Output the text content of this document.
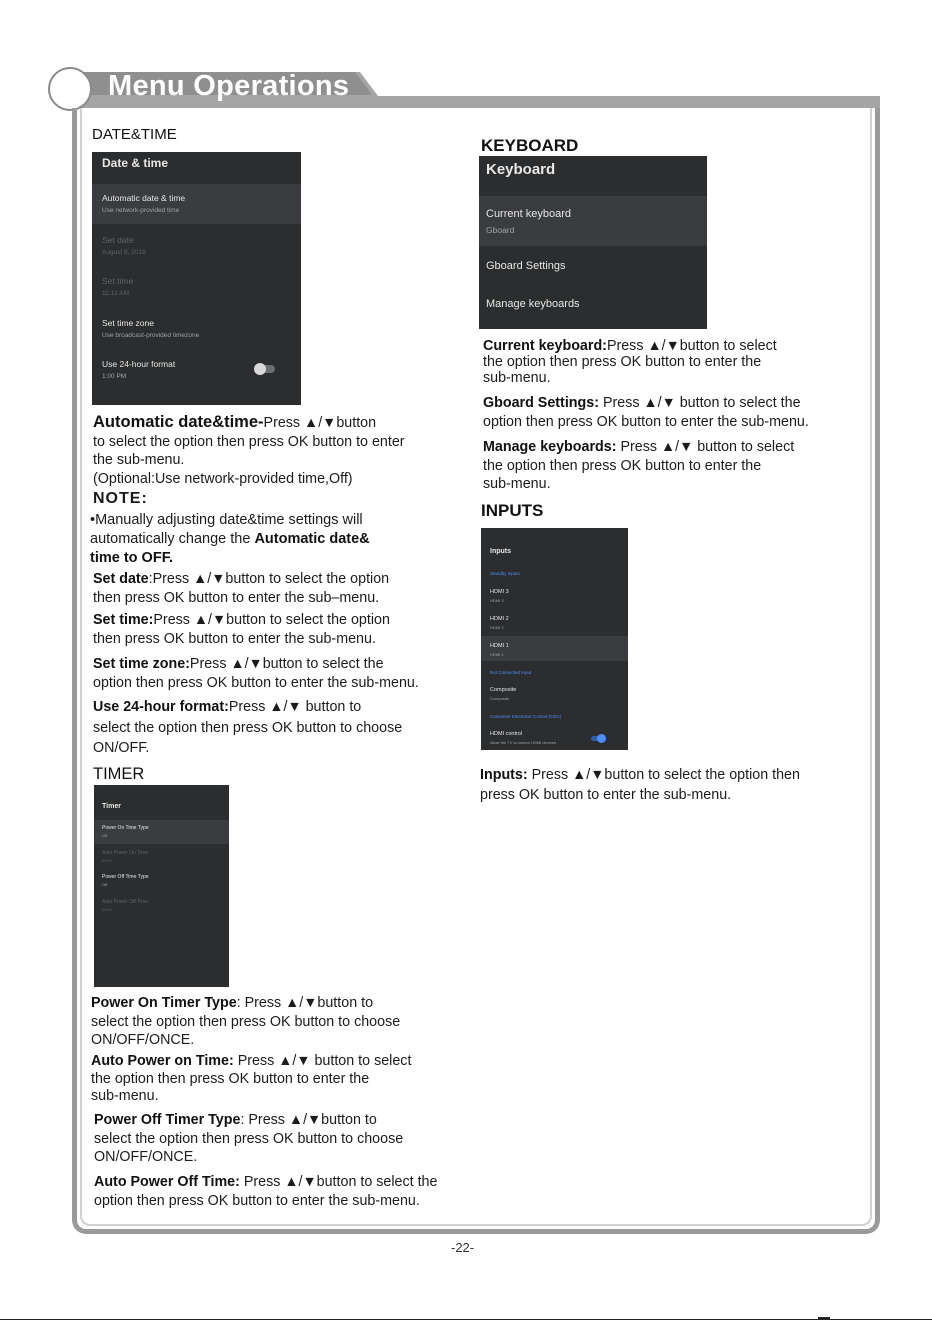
Menu Operations
DATE&TIME
Date & time
Automatic date & time
Use network-provided time
Set date
August 8, 2019
Set time
11:12 AM
Set time zone
Use broadcast-provided timezone
Use 24-hour format
1:00 PM
Automatic date&time-Press ▲/▼button
to select the option then press OK button to enter
the sub-menu.
(Optional:Use network-provided time,Off)
NOTE:
•Manually adjusting date&time settings will
automatically change the Automatic date&
time to OFF.
Set date:Press ▲/▼button to select the option
then press OK button to enter the sub–menu.
Set time:Press ▲/▼button to select the option
then press OK button to enter the sub-menu.
Set time zone:Press ▲/▼button to select the
option then press OK button to enter the sub-menu.
Use 24-hour format:Press ▲/▼ button to
select the option then press OK button to choose
ON/OFF.
TIMER
Timer
Power On Time Type
Off
Auto Power On Time
00:00
Power Off Time Type
Off
Auto Power Off Time
00:00
Power On Timer Type: Press ▲/▼button to
select the option then press OK button to choose
ON/OFF/ONCE.
Auto Power on Time: Press ▲/▼ button to select
the option then press OK button to enter the
sub-menu.
Power Off Timer Type: Press ▲/▼button to
select the option then press OK button to choose
ON/OFF/ONCE.
Auto Power Off Time: Press ▲/▼button to select the
option then press OK button to enter the sub-menu.
KEYBOARD
Keyboard
Current keyboard
Gboard
Gboard Settings
Manage keyboards
Current keyboard:Press ▲/▼button to select
the option then press OK button to enter the
sub-menu.
Gboard Settings: Press ▲/▼ button to select the
option then press OK button to enter the sub-menu.
Manage keyboards: Press ▲/▼ button to select
the option then press OK button to enter the
sub-menu.
INPUTS
Inputs
Standby inputs
HDMI 3
HDMI 3
HDMI 2
HDMI 2
HDMI 1
HDMI 1
Not Connected Input
Composite
Composite
Consumer Electronic Control (CEC)
HDMI control
Allow the TV to control HDMI devices
Inputs: Press ▲/▼button to select the option then
press OK button to enter the sub-menu.
-22-
